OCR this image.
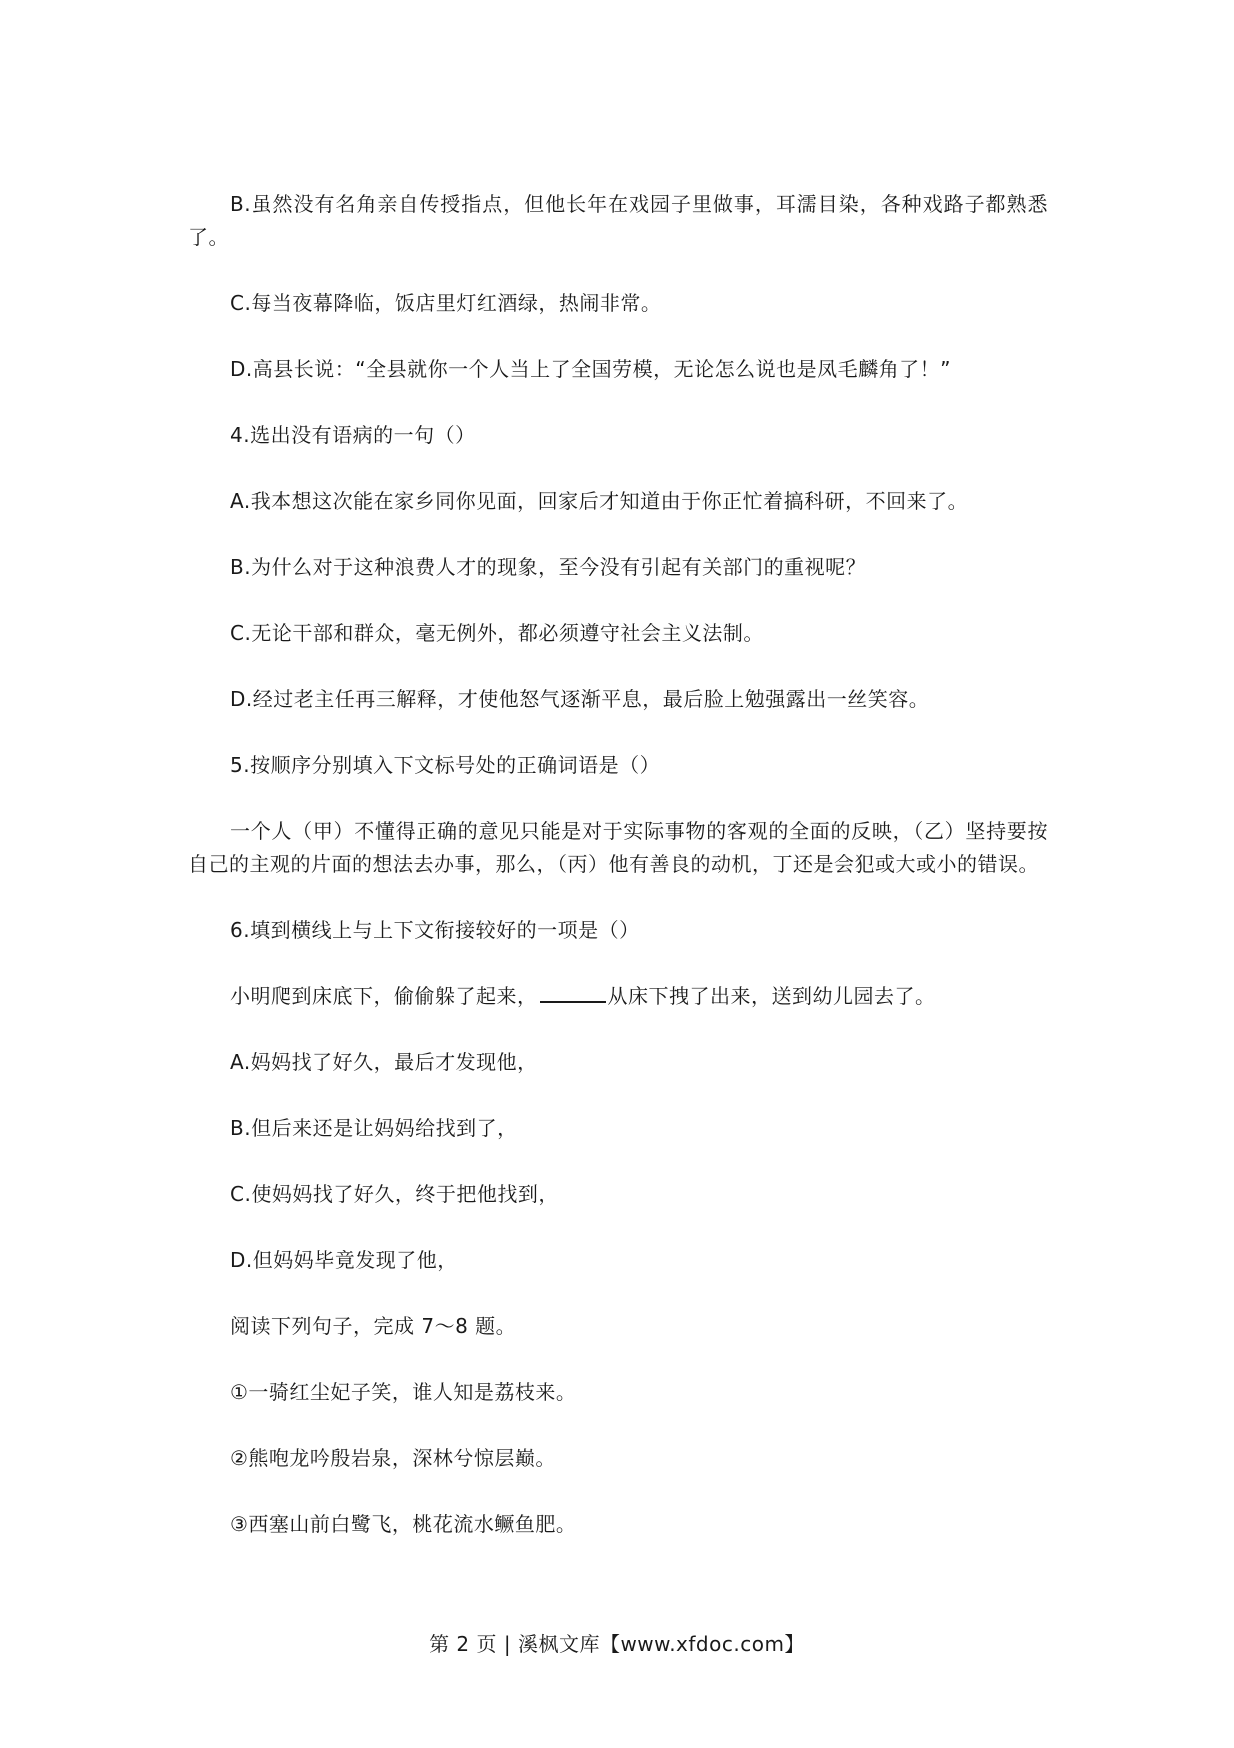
B.虽然没有名角亲自传授指点，但他长年在戏园子里做事，耳濡目染，各种戏路子都熟悉了。

C.每当夜幕降临，饭店里灯红酒绿，热闹非常。

D.高县长说：“全县就你一个人当上了全国劳模，无论怎么说也是凤毛麟角了！”

4.选出没有语病的一句（）

A.我本想这次能在家乡同你见面，回家后才知道由于你正忙着搞科研，不回来了。

B.为什么对于这种浪费人才的现象，至今没有引起有关部门的重视呢？

C.无论干部和群众，毫无例外，都必须遵守社会主义法制。

D.经过老主任再三解释，才使他怒气逐渐平息，最后脸上勉强露出一丝笑容。

5.按顺序分别填入下文标号处的正确词语是（）

一个人（甲）不懂得正确的意见只能是对于实际事物的客观的全面的反映，（乙）坚持要按自己的主观的片面的想法去办事，那么，（丙）他有善良的动机，丁还是会犯或大或小的错误。

6.填到横线上与上下文衔接较好的一项是（）

小明爬到床底下，偷偷躲了起来，	从床下拽了出来，送到幼儿园去了。

A.妈妈找了好久，最后才发现他，

B.但后来还是让妈妈给找到了，

C.使妈妈找了好久，终于把他找到，

D.但妈妈毕竟发现了他，

阅读下列句子，完成 7～8 题。

①一骑红尘妃子笑，谁人知是荔枝来。

②熊咆龙吟殷岩泉，深林兮惊层巅。

③西塞山前白鹭飞，桃花流水鳜鱼肥。

第 2 页 | 溪枫文库【www.xfdoc.com】
